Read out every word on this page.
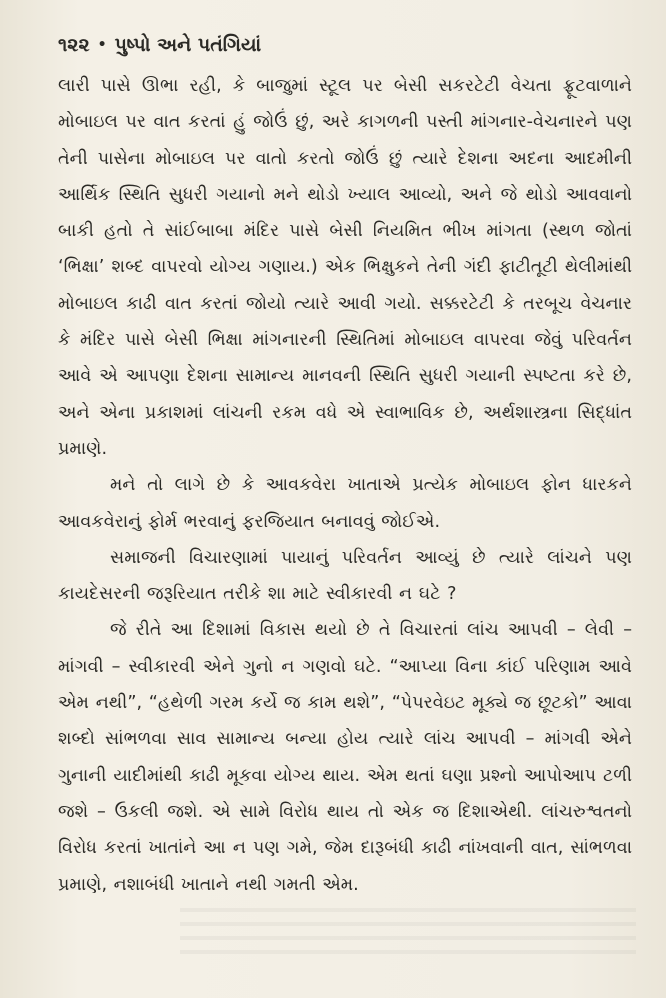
૧૨૨ • પુષ્પો અને પતંગિયાં

લારી પાસે ઊભા રહી, કે બાજુમાં સ્ટૂલ પર બેસી સકરટેટી વેચતા ફ્રૂટવાળાને મોબાઇલ પર વાત કરતાં હું જોઉં છું, અરે કાગળની પસ્તી માંગનાર-વેચનારને પણ તેની પાસેના મોબાઇલ પર વાતો કરતો જોઉં છું ત્યારે દેશના અદના આદમીની આર્થિક સ્થિતિ સુધરી ગયાનો મને થોડો ખ્યાલ આવ્યો, અને જે થોડો આવવાનો બાકી હતો તે સાંઈબાબા મંદિર પાસે બેસી નિયમિત ભીખ માંગતા (સ્થળ જોતાં ‘ભિક્ષા’ શબ્દ વાપરવો યોગ્ય ગણાય.) એક ભિક્ષુકને તેની ગંદી ફાટીતૂટી થેલીમાંથી મોબાઇલ કાઢી વાત કરતાં જોયો ત્યારે આવી ગયો. સક્કરટેટી કે તરબૂચ વેચનાર કે મંદિર પાસે બેસી ભિક્ષા માંગનારની સ્થિતિમાં મોબાઇલ વાપરવા જેવું પરિવર્તન આવે એ આપણા દેશના સામાન્ય માનવની સ્થિતિ સુધરી ગયાની સ્પષ્ટતા કરે છે, અને એના પ્રકાશમાં લાંચની રકમ વધે એ સ્વાભાવિક છે, અર્થશાસ્ત્રના સિદ્ધાંત પ્રમાણે.

મને તો લાગે છે કે આવકવેરા ખાતાએ પ્રત્યેક મોબાઇલ ફોન ધારકને આવકવેરાનું ફોર્મ ભરવાનું ફરજિયાત બનાવવું જોઈએ.

સમાજની વિચારણામાં પાયાનું પરિવર્તન આવ્યું છે ત્યારે લાંચને પણ કાયદેસરની જરૂરિયાત તરીકે શા માટે સ્વીકારવી ન ઘટે ?

જે રીતે આ દિશામાં વિકાસ થયો છે તે વિચારતાં લાંચ આપવી – લેવી – માંગવી – સ્વીકારવી એને ગુનો ન ગણવો ઘટે. “આપ્યા વિના કાંઈ પરિણામ આવે એમ નથી”, “હથેળી ગરમ કર્યે જ કામ થશે”, “પેપરવેઇટ મૂક્યે જ છૂટકો” આવા શબ્દો સાંભળવા સાવ સામાન્ય બન્યા હોય ત્યારે લાંચ આપવી – માંગવી એને ગુનાની યાદીમાંથી કાઢી મૂકવા યોગ્ય થાય. એમ થતાં ઘણા પ્રશ્નો આપોઆપ ટળી જશે – ઉકલી જશે. એ સામે વિરોધ થાય તો એક જ દિશાએથી. લાંચરુશ્વતનો વિરોધ કરતાં ખાતાંને આ ન પણ ગમે, જેમ દારૂબંધી કાઢી નાંખવાની વાત, સાંભળવા પ્રમાણે, નશાબંધી ખાતાને નથી ગમતી એમ.
